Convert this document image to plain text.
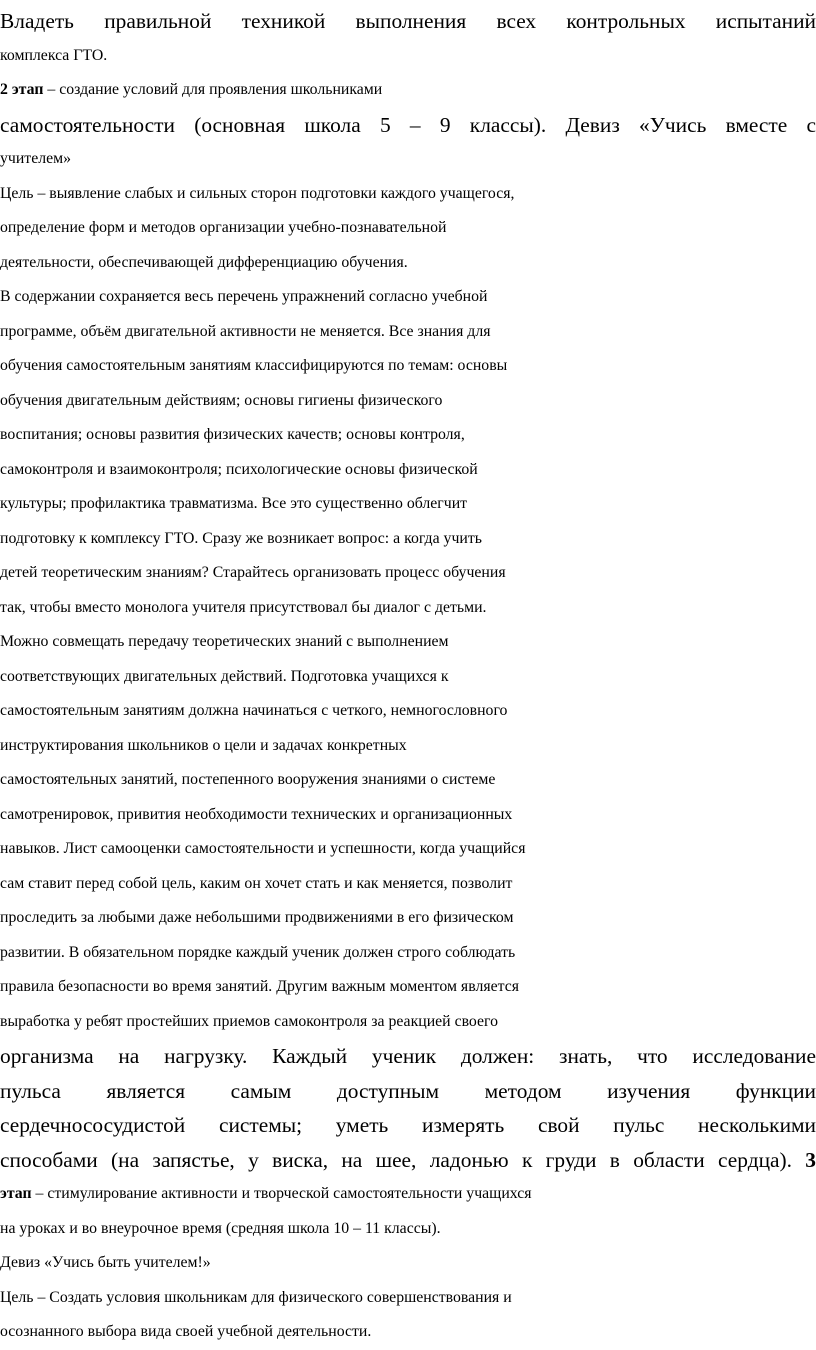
Владеть правильной техникой выполнения всех контрольных испытаний
комплекса ГТО.
2 этап – создание условий для проявления школьниками
самостоятельности (основная школа 5 – 9 классы). Девиз «Учись вместе с
учителем»
Цель – выявление слабых и сильных сторон подготовки каждого учащегося,
определение форм и методов организации учебно-познавательной
деятельности, обеспечивающей дифференциацию обучения.
В содержании сохраняется весь перечень упражнений согласно учебной
программе, объём двигательной активности не меняется. Все знания для
обучения самостоятельным занятиям классифицируются по темам: основы
обучения двигательным действиям; основы гигиены физического
воспитания; основы развития физических качеств; основы контроля,
самоконтроля и взаимоконтроля; психологические основы физической
культуры; профилактика травматизма. Все это существенно облегчит
подготовку к комплексу ГТО. Сразу же возникает вопрос: а когда учить
детей теоретическим знаниям? Старайтесь организовать процесс обучения
так, чтобы вместо монолога учителя присутствовал бы диалог с детьми.
Можно совмещать передачу теоретических знаний с выполнением
соответствующих двигательных действий. Подготовка учащихся к
самостоятельным занятиям должна начинаться с четкого, немногословного
инструктирования школьников о цели и задачах конкретных
самостоятельных занятий, постепенного вооружения знаниями о системе
самотренировок, привития необходимости технических и организационных
навыков. Лист самооценки самостоятельности и успешности, когда учащийся
сам ставит перед собой цель, каким он хочет стать и как меняется, позволит
проследить за любыми даже небольшими продвижениями в его физическом
развитии. В обязательном порядке каждый ученик должен строго соблюдать
правила безопасности во время занятий. Другим важным моментом является
выработка у ребят простейших приемов самоконтроля за реакцией своего
организма на нагрузку. Каждый ученик должен: знать, что исследование
пульса является самым доступным методом изучения функции
сердечнососудистой системы; уметь измерять свой пульс несколькими
способами (на запястье, у виска, на шее, ладонью к груди в области сердца). 3
этап – стимулирование активности и творческой самостоятельности учащихся
на уроках и во внеурочное время (средняя школа 10 – 11 классы).
Девиз «Учись быть учителем!»
Цель – Создать условия школьникам для физического совершенствования и
осознанного выбора вида своей учебной деятельности.
